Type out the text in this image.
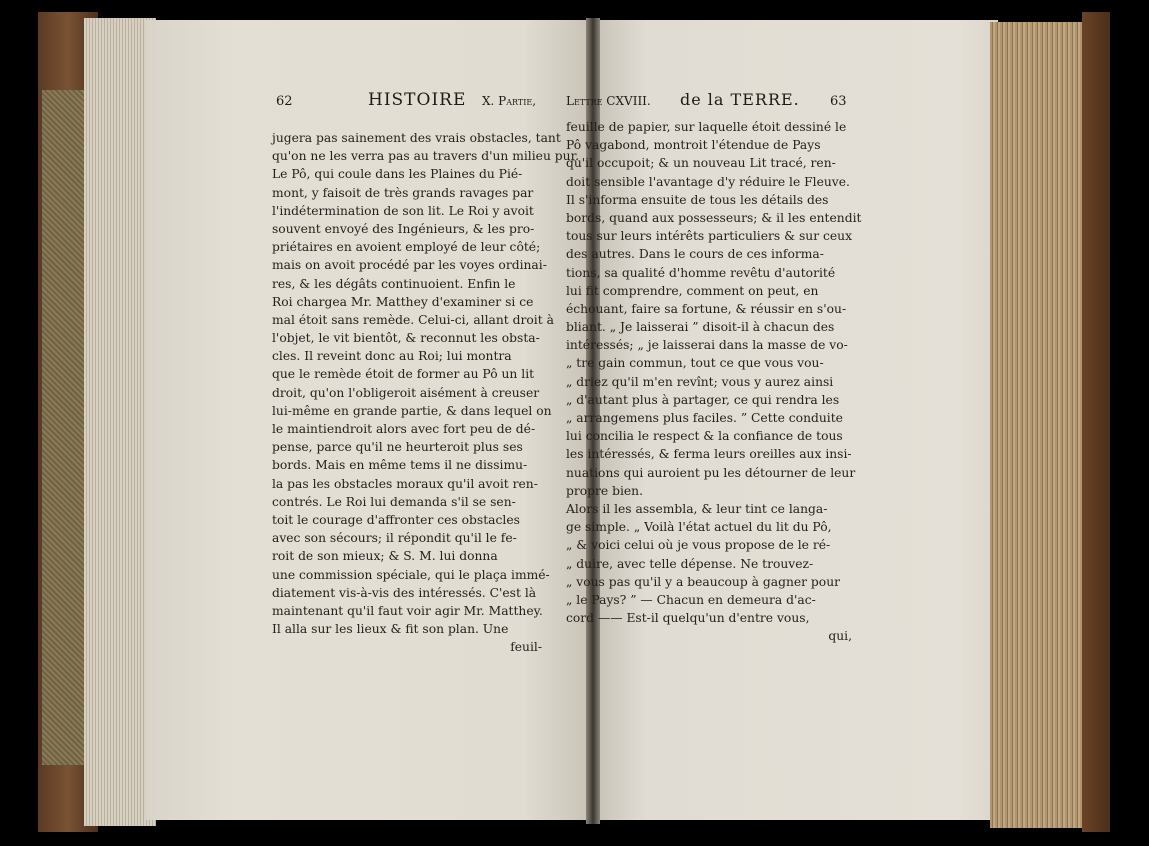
62	HISTOIRE X. Partie,
jugera pas sainement des vrais obstacles, tant
qu'on ne les verra pas au travers d'un milieu pur.
Le Pô, qui coule dans les Plaines du Pié-
mont, y faisoit de très grands ravages par
l'indétermination de son lit. Le Roi y avoit
souvent envoyé des Ingénieurs, & les pro-
priétaires en avoient employé de leur côté;
mais on avoit procédé par les voyes ordinai-
res, & les dégâts continuoient. Enfin le
Roi chargea Mr. Matthey d'examiner si ce
mal étoit sans remède. Celui-ci, allant droit à
l'objet, le vit bientôt, & reconnut les obsta-
cles. Il reveint donc au Roi; lui montra
que le remède étoit de former au Pô un lit
droit, qu'on l'obligeroit aisément à creuser
lui-même en grande partie, & dans lequel on
le maintiendroit alors avec fort peu de dé-
pense, parce qu'il ne heurteroit plus ses
bords. Mais en même tems il ne dissimu-
la pas les obstacles moraux qu'il avoit ren-
contrés. Le Roi lui demanda s'il se sen-
toit le courage d'affronter ces obstacles
avec son sécours; il répondit qu'il le fe-
roit de son mieux; & S. M. lui donna
une commission spéciale, qui le plaça immé-
diatement vis-à-vis des intéressés. C'est là
maintenant qu'il faut voir agir Mr. Matthey.
Il alla sur les lieux & fit son plan. Une
feuil-
Lettre CXVIII. de la TERRE. 63
feuille de papier, sur laquelle étoit dessiné le
Pô vagabond, montroit l'étendue de Pays
qu'il occupoit; & un nouveau Lit tracé, ren-
doit sensible l'avantage d'y réduire le Fleuve.
Il s'informa ensuite de tous les détails des
bords, quand aux possesseurs; & il les entendit
tous sur leurs intérêts particuliers & sur ceux
des autres. Dans le cours de ces informa-
tions, sa qualité d'homme revêtu d'autorité
lui fit comprendre, comment on peut, en
échouant, faire sa fortune, & réussir en s'ou-
bliant. „ Je laisserai ” disoit-il à chacun des
intéressés; „ je laisserai dans la masse de vo-
„ tre gain commun, tout ce que vous vou-
„ driez qu'il m'en revînt; vous y aurez ainsi
„ d'autant plus à partager, ce qui rendra les
„ arrangemens plus faciles. ” Cette conduite
lui concilia le respect & la confiance de tous
les intéressés, & ferma leurs oreilles aux insi-
nuations qui auroient pu les détourner de leur
propre bien.
Alors il les assembla, & leur tint ce langa-
ge simple. „ Voilà l'état actuel du lit du Pô,
„ & voici celui où je vous propose de le ré-
„ duire, avec telle dépense. Ne trouvez-
„ vous pas qu'il y a beaucoup à gagner pour
„ le Pays? ” — Chacun en demeura d'ac-
cord —— Est-il quelqu'un d'entre vous,
qui,
